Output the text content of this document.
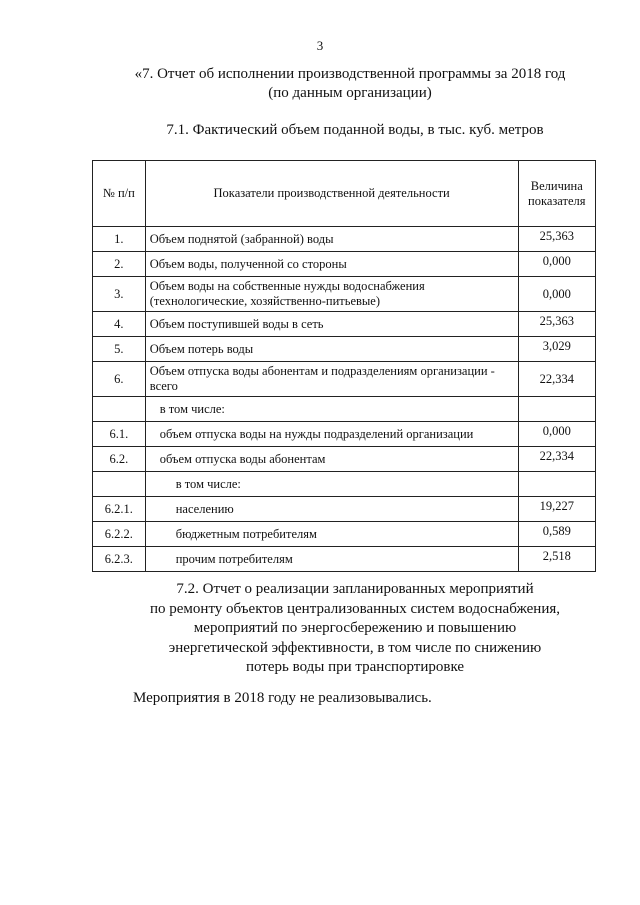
3
«7. Отчет об исполнении производственной программы за 2018 год
(по данным организации)
7.1. Фактический объем поданной воды, в тыс. куб. метров
№ п/п	Показатели производственной деятельности	Величина показателя
1.	Объем поднятой (забранной) воды	25,363
2.	Объем воды, полученной со стороны	0,000
3.	Объем воды на собственные нужды водоснабжения (технологические, хозяйственно-питьевые)	0,000
4.	Объем поступившей воды в сеть	25,363
5.	Объем потерь воды	3,029
6.	Объем отпуска воды абонентам и подразделениям организации - всего	22,334
	в том числе:	
6.1.	объем отпуска воды на нужды подразделений организации	0,000
6.2.	объем отпуска воды абонентам	22,334
	в том числе:	
6.2.1.	населению	19,227
6.2.2.	бюджетным потребителям	0,589
6.2.3.	прочим потребителям	2,518
7.2. Отчет о реализации запланированных мероприятий
по ремонту объектов централизованных систем водоснабжения,
мероприятий по энергосбережению и повышению
энергетической эффективности, в том числе по снижению
потерь воды при транспортировке
Мероприятия в 2018 году не реализовывались.
